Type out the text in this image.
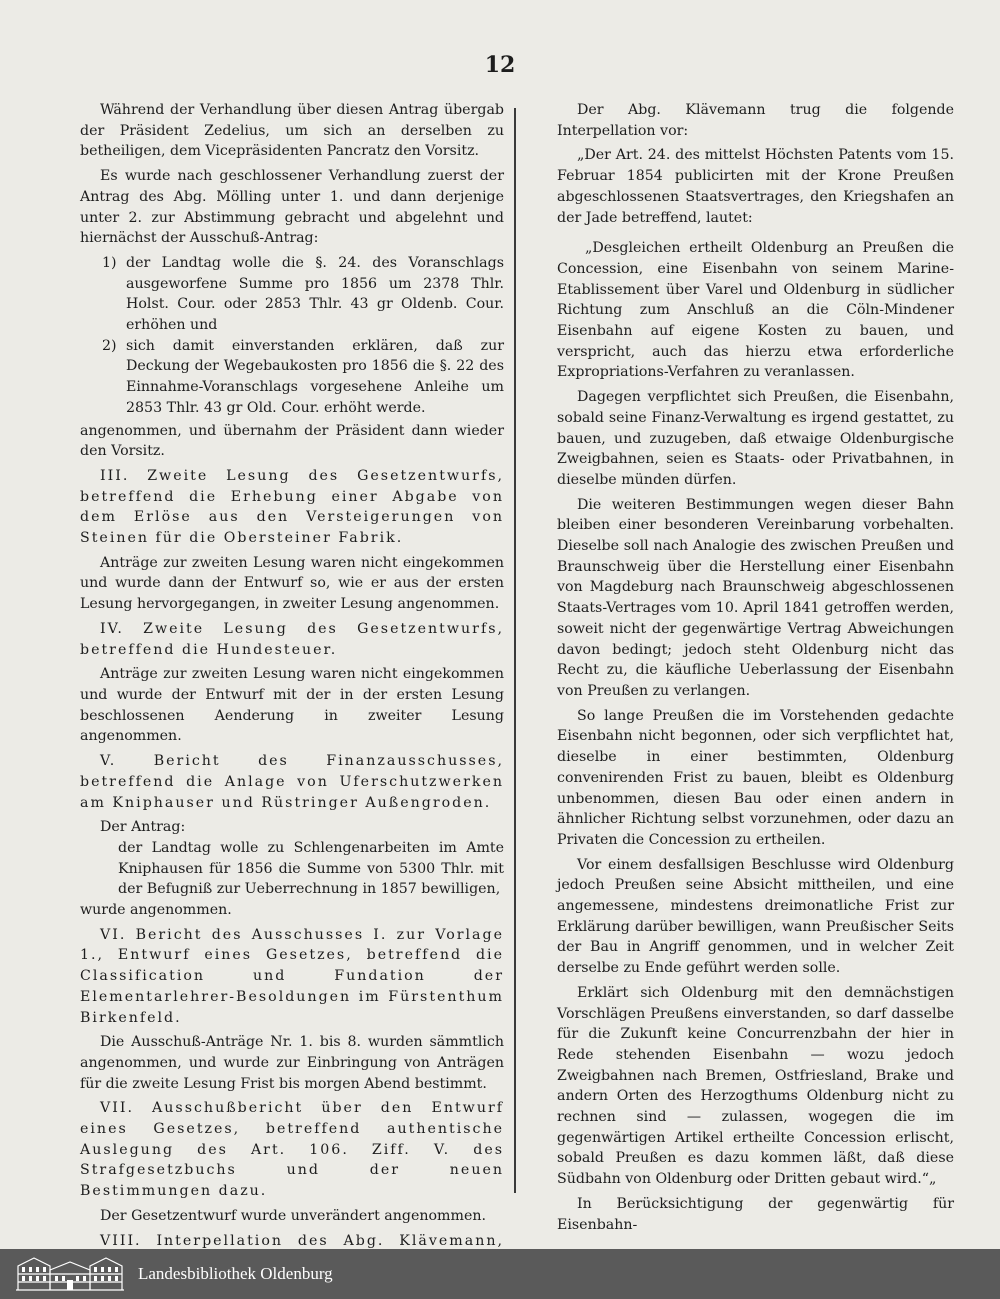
12

Während der Verhandlung über diesen Antrag übergab der Präsident Zedelius, um sich an derselben zu betheiligen, dem Vicepräsidenten Pancratz den Vorsitz.

Es wurde nach geschlossener Verhandlung zuerst der Antrag des Abg. Mölling unter 1. und dann derjenige unter 2. zur Abstimmung gebracht und abgelehnt und hiernächst der Ausschuß-Antrag:

1) der Landtag wolle die §. 24. des Voranschlags ausgeworfene Summe pro 1856 um 2378 Thlr. Holst. Cour. oder 2853 Thlr. 43 gr Oldenb. Cour. erhöhen und
2) sich damit einverstanden erklären, daß zur Deckung der Wegebaukosten pro 1856 die §. 22 des Einnahme-Voranschlags vorgesehene Anleihe um 2853 Thlr. 43 gr Old. Cour. erhöht werde.

angenommen, und übernahm der Präsident dann wieder den Vorsitz.

III. Zweite Lesung des Gesetzentwurfs, betreffend die Erhebung einer Abgabe von dem Erlöse aus den Versteigerungen von Steinen für die Obersteiner Fabrik.

Anträge zur zweiten Lesung waren nicht eingekommen und wurde dann der Entwurf so, wie er aus der ersten Lesung hervorgegangen, in zweiter Lesung angenommen.

IV. Zweite Lesung des Gesetzentwurfs, betreffend die Hundesteuer.

Anträge zur zweiten Lesung waren nicht eingekommen und wurde der Entwurf mit der in der ersten Lesung beschlossenen Aenderung in zweiter Lesung angenommen.

V. Bericht des Finanzausschusses, betreffend die Anlage von Uferschutzwerken am Kniphauser und Rüstringer Außengroden.

Der Antrag:

der Landtag wolle zu Schlengenarbeiten im Amte Kniphausen für 1856 die Summe von 5300 Thlr. mit der Befugniß zur Ueberrechnung in 1857 bewilligen,

wurde angenommen.

VI. Bericht des Ausschusses I. zur Vorlage 1., Entwurf eines Gesetzes, betreffend die Classification und Fundation der Elementarlehrer-Besoldungen im Fürstenthum Birkenfeld.

Die Ausschuß-Anträge Nr. 1. bis 8. wurden sämmtlich angenommen, und wurde zur Einbringung von Anträgen für die zweite Lesung Frist bis morgen Abend bestimmt.

VII. Ausschußbericht über den Entwurf eines Gesetzes, betreffend authentische Auslegung des Art. 106. Ziff. V. des Strafgesetzbuchs und der neuen Bestimmungen dazu.

Der Gesetzentwurf wurde unverändert angenommen.

VIII. Interpellation des Abg. Klävemann,

Der Abg. Klävemann trug die folgende Interpellation vor:

„Der Art. 24. des mittelst Höchsten Patents vom 15. Februar 1854 publicirten mit der Krone Preußen abgeschlossenen Staatsvertrages, den Kriegshafen an der Jade betreffend, lautet:

„Desgleichen ertheilt Oldenburg an Preußen die Concession, eine Eisenbahn von seinem Marine-Etablissement über Varel und Oldenburg in südlicher Richtung zum Anschluß an die Cöln-Mindener Eisenbahn auf eigene Kosten zu bauen, und verspricht, auch das hierzu etwa erforderliche Expropriations-Verfahren zu veranlassen.

Dagegen verpflichtet sich Preußen, die Eisenbahn, sobald seine Finanz-Verwaltung es irgend gestattet, zu bauen, und zuzugeben, daß etwaige Oldenburgische Zweigbahnen, seien es Staats- oder Privatbahnen, in dieselbe münden dürfen.

Die weiteren Bestimmungen wegen dieser Bahn bleiben einer besonderen Vereinbarung vorbehalten. Dieselbe soll nach Analogie des zwischen Preußen und Braunschweig über die Herstellung einer Eisenbahn von Magdeburg nach Braunschweig abgeschlossenen Staats-Vertrages vom 10. April 1841 getroffen werden, soweit nicht der gegenwärtige Vertrag Abweichungen davon bedingt; jedoch steht Oldenburg nicht das Recht zu, die käufliche Ueberlassung der Eisenbahn von Preußen zu verlangen.

So lange Preußen die im Vorstehenden gedachte Eisenbahn nicht begonnen, oder sich verpflichtet hat, dieselbe in einer bestimmten, Oldenburg convenirenden Frist zu bauen, bleibt es Oldenburg unbenommen, diesen Bau oder einen andern in ähnlicher Richtung selbst vorzunehmen, oder dazu an Privaten die Concession zu ertheilen.

Vor einem desfallsigen Beschlusse wird Oldenburg jedoch Preußen seine Absicht mittheilen, und eine angemessene, mindestens dreimonatliche Frist zur Erklärung darüber bewilligen, wann Preußischer Seits der Bau in Angriff genommen, und in welcher Zeit derselbe zu Ende geführt werden solle.

Erklärt sich Oldenburg mit den demnächstigen Vorschlägen Preußens einverstanden, so darf dasselbe für die Zukunft keine Concurrenzbahn der hier in Rede stehenden Eisenbahn — wozu jedoch Zweigbahnen nach Bremen, Ostfriesland, Brake und andern Orten des Herzogthums Oldenburg nicht zu rechnen sind — zulassen, wogegen die im gegenwärtigen Artikel ertheilte Concession erlischt, sobald Preußen es dazu kommen läßt, daß diese Südbahn von Oldenburg oder Dritten gebaut wird.“„

In Berücksichtigung der gegenwärtig für Eisenbahn-

Landesbibliothek Oldenburg
